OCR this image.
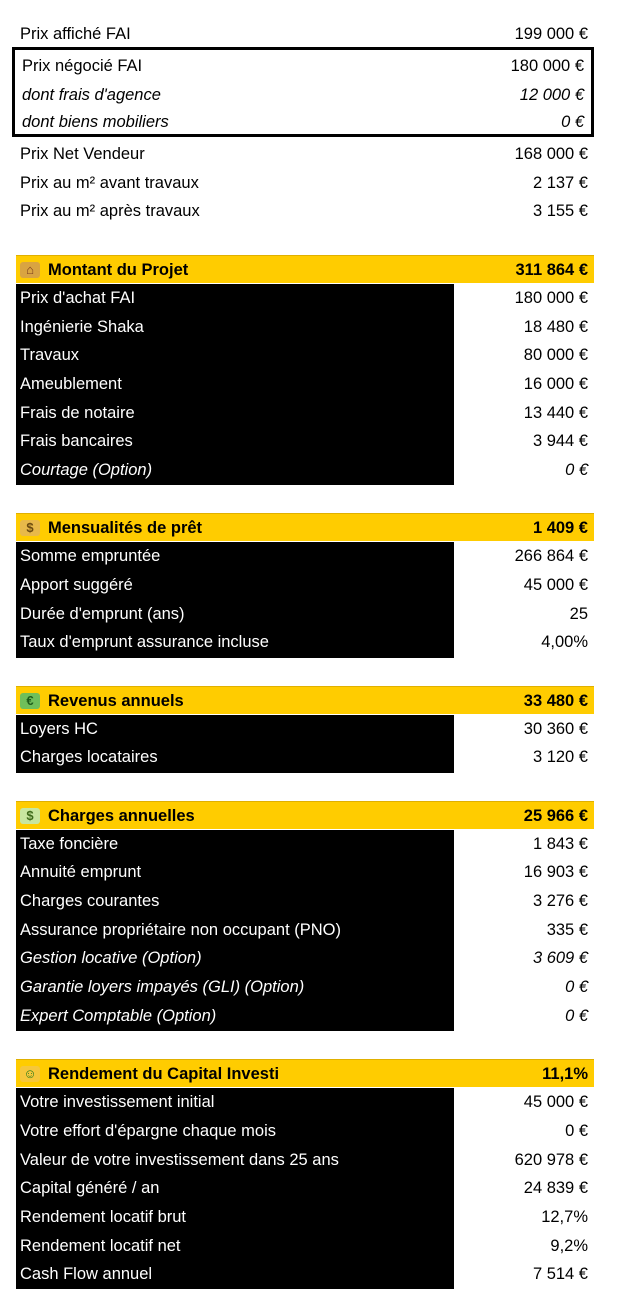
Prix affiché FAI	199 000 €
Prix négocié FAI	180 000 €
dont frais d'agence	12 000 €
dont biens mobiliers	0 €
Prix Net Vendeur	168 000 €
Prix au m² avant travaux	2 137 €
Prix au m² après travaux	3 155 €
⌂ Montant du Projet	311 864 €
Prix d'achat FAI	180 000 €
Ingénierie Shaka	18 480 €
Travaux	80 000 €
Ameublement	16 000 €
Frais de notaire	13 440 €
Frais bancaires	3 944 €
Courtage (Option)	0 €
$ Mensualités de prêt	1 409 €
Somme empruntée	266 864 €
Apport suggéré	45 000 €
Durée d'emprunt (ans)	25
Taux d'emprunt assurance incluse	4,00%
€ Revenus annuels	33 480 €
Loyers HC	30 360 €
Charges locataires	3 120 €
$ Charges annuelles	25 966 €
Taxe foncière	1 843 €
Annuité emprunt	16 903 €
Charges courantes	3 276 €
Assurance propriétaire non occupant (PNO)	335 €
Gestion locative (Option)	3 609 €
Garantie loyers impayés (GLI) (Option)	0 €
Expert Comptable (Option)	0 €
☺ Rendement du Capital Investi	11,1%
Votre investissement initial	45 000 €
Votre effort d'épargne chaque mois	0 €
Valeur de votre investissement dans 25 ans	620 978 €
Capital généré / an	24 839 €
Rendement locatif brut	12,7%
Rendement locatif net	9,2%
Cash Flow annuel	7 514 €
